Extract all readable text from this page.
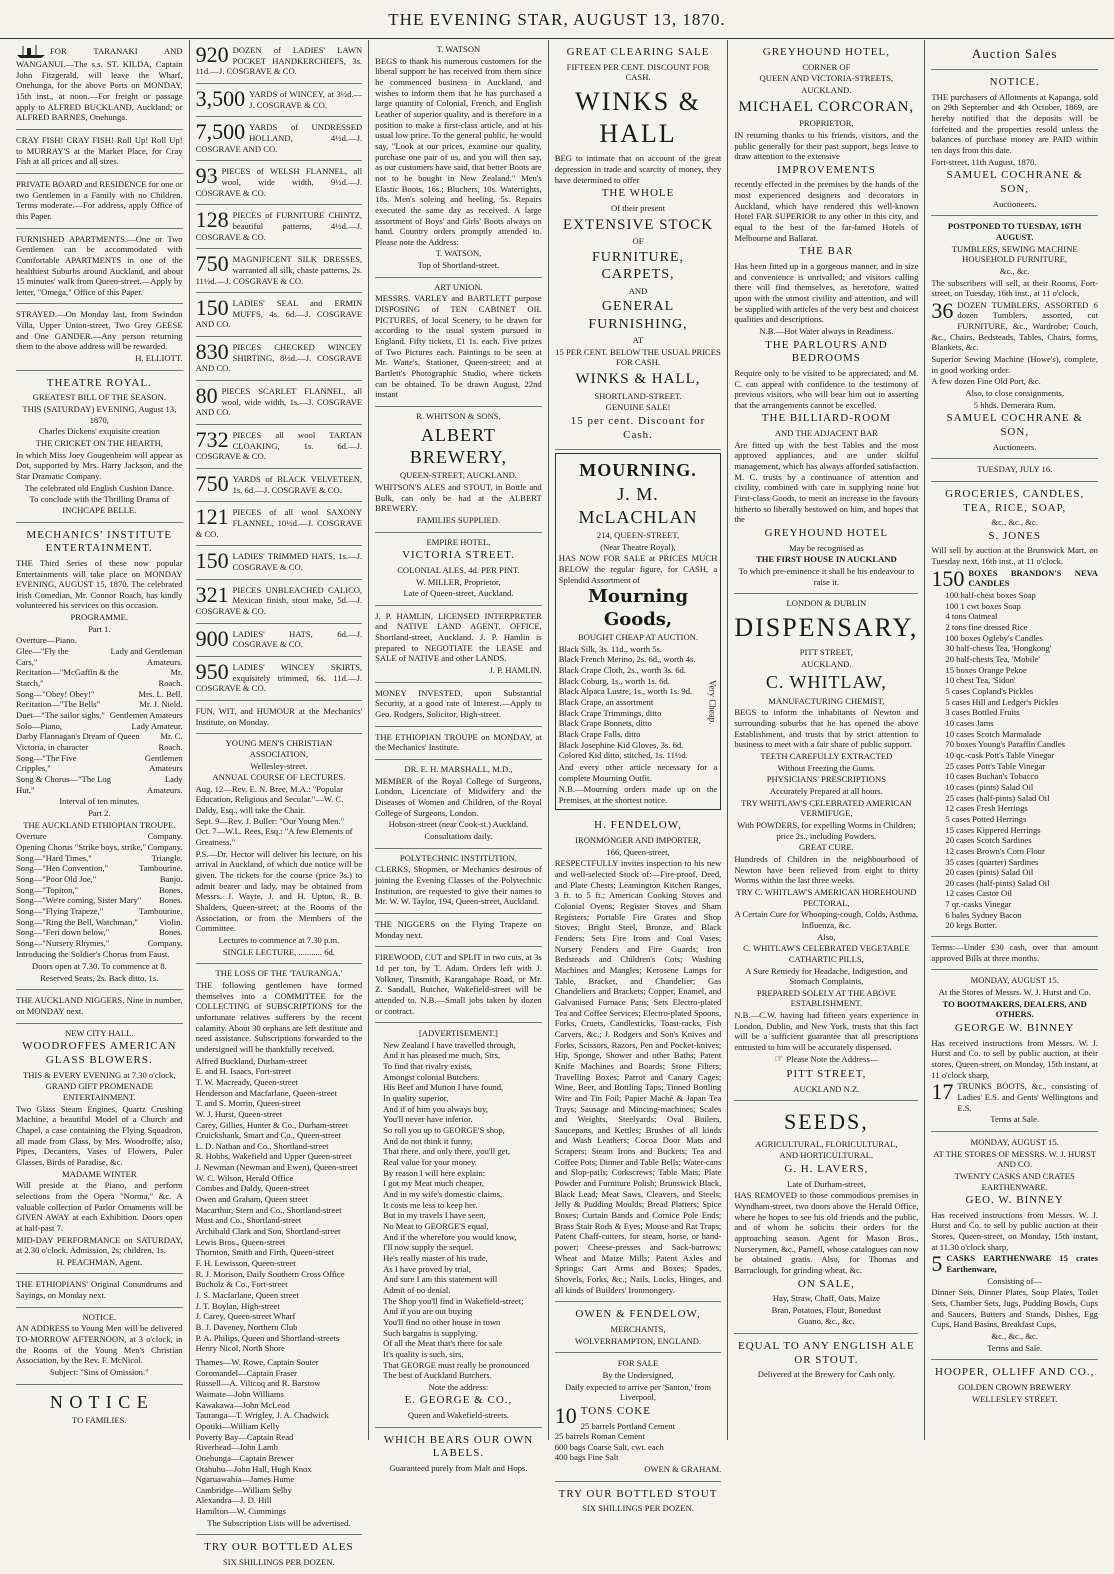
THE EVENING STAR, AUGUST 13, 1870.

FOR TARANAKI AND WANGANUI.—The s.s. ST. KILDA, Captain John Fitzgerald, will leave the Wharf, Onehunga, for the above Ports on MONDAY, 15th inst., at noon.—For freight or passage apply to ALFRED BUCKLAND, Auckland; or ALFRED BARNES, Onehunga.

CRAY FISH! CRAY FISH! Roll Up! Roll Up! to MURRAY'S at the Market Place, for Cray Fish at all prices and all sizes.

PRIVATE BOARD and RESIDENCE for one or two Gentlemen in a Family with no Children. Terms moderate.—For address, apply Office of this Paper.

FURNISHED APARTMENTS.—One or Two Gentlemen can be accommodated with Comfortable APARTMENTS in one of the healthiest Suburbs around Auckland, and about 15 minutes' walk from Queen-street.—Apply by letter, "Omega," Office of this Paper.

STRAYED.—On Monday last, from Swindon Villa, Upper Union-street, Two Grey GEESE and One GANDER.—Any person returning them to the above address will be rewarded.

H. ELLIOTT.

THEATRE ROYAL.
GREATEST BILL OF THE SEASON.

THIS (SATURDAY) EVENING, August 13, 1870,

Charles Dickens' exquisite creation

THE CRICKET ON THE HEARTH,

In which Miss Joey Gougenheim will appear as Dot, supported by Mrs. Harry Jackson, and the Star Dramatic Company.

The celebrated old English Cushion Dance.

To conclude with the Thrilling Drama of INCHCAPE BELLE.

MECHANICS' INSTITUTE ENTERTAINMENT.

THE Third Series of these now popular Entertainments will take place on MONDAY EVENING, AUGUST 15, 1870. The celebrated Irish Comedian, Mr. Connor Roach, has kindly volunteered his services on this occasion.

PROGRAMME.

Part 1.

Overture—Piano.
Glee—"Fly the Cars,"
Lady and Gentleman Amateurs.
Recitation—"McGaffin & the Starch,"
Mr. Roach.
Song—"Obey! Obey!"	Mrs. L. Bell.
Recitation—"The Bells"	Mr. J. Nield.
Duet—"The sailor sighs," Gentlemen Amateurs
Solo—Piano,	Lady Amateur.
Darby Flannagan's Dream of Queen Victoria, in character
Mr. C. Roach.
Song—"The Five Cripples,"
Gentlemen Amateurs
Song & Chorus—"The Log Hut,"
Lady Amateurs.

Interval of ten minutes.

Part 2.

THE AUCKLAND ETHIOPIAN TROUPE.

Overture	Company.
Opening Chorus "Strike boys, strike," Company.
Song—"Hard Times,"	Triangle.
Song—"Hen Convention,"	Tambourine.
Song—"Poor Old Joe,"	Banjo.
Song—"Topiton,"	Bones.
Song—"We're coming, Sister Mary" Bones.
Song—"Flying Trapeze,"	Tambourine.
Song—"Ring the Bell, Watchman," Violin.
Song—"Feri down below,"	Bones.
Song—"Nursery Rhymes,"	Company.

Introducing the Soldier's Chorus from Faust.

Doors open at 7.30. To commence at 8.

Reserved Seats, 2s. Back ditto, 1s.

THE AUCKLAND NIGGERS, Nine in number, on MONDAY next.

NEW CITY HALL.
WOODROFFES AMERICAN GLASS BLOWERS.

THIS & EVERY EVENING at 7.30 o'clock,

GRAND GIFT PROMENADE ENTERTAINMENT.

Two Glass Steam Engines, Quartz Crushing Machine, a beautiful Model of a Church and Chapel, a case containing the Flying Squadron, all made from Glass, by Mrs. Woodroffe; also, Pipes, Decanters, Vases of Flowers, Puler Glasses, Birds of Paradise, &c.

MADAME WINTER

Will preside at the Piano, and perform selections from the Opera "Norma," &c. A valuable collection of Parlor Ornaments will be GIVEN AWAY at each Exhibition. Doors open at half-past 7.

MID-DAY PERFORMANCE on SATURDAY, at 2.30 o'clock. Admission, 2s; children, 1s.

H. PEACHMAN, Agent.

THE ETHIOPIANS' Original Conundrums and Sayings, on Monday next.

NOTICE.

AN ADDRESS to Young Men will be delivered TO-MORROW AFTERNOON, at 3 o'clock, in the Rooms of the Young Men's Christian Association, by the Rev. F. McNicol.

Subject: "Sins of Omission."

N O T I C E

TO FAMILIES.

920 DOZEN of LADIES' LAWN POCKET HANDKERCHIEFS, 3s. 11d.—J. COSGRAVE & CO.

3,500 YARDS of WINCEY, at 3½d.—J. COSGRAVE & CO.

7,500 YARDS of UNDRESSED HOLLAND, 4½d.—J. COSGRAVE AND CO.

93 PIECES of WELSH FLANNEL, all wool, wide width, 9½d.—J. COSGRAVE & CO.

128 PIECES of FURNITURE CHINTZ, beautiful patterns, 4½d.—J. COSGRAVE & CO.

750 MAGNIFICENT SILK DRESSES, warranted all silk, chaste patterns, 2s. 11½d.—J. COSGRAVE & CO.

150 LADIES' SEAL and ERMIN MUFFS, 4s. 6d.—J. COSGRAVE AND CO.

830 PIECES CHECKED WINCEY SHIRTING, 8½d.—J. COSGRAVE AND CO.

80 PIECES SCARLET FLANNEL, all wool, wide width, 1s.—J. COSGRAVE AND CO.

732 PIECES all wool TARTAN CLOAKING, 1s. 6d.—J. COSGRAVE & CO.

750 YARDS of BLACK VELVETEEN, 1s. 6d.—J. COSGRAVE & CO.

121 PIECES of all wool SAXONY FLANNEL, 10½d.—J. COSGRAVE & CO.

150 LADIES' TRIMMED HATS, 1s.—J. COSGRAVE & CO.

321 PIECES UNBLEACHED CALICO, Mexican finish, stout make, 5d.—J. COSGRAVE & CO.

900 LADIES' HATS, 6d.—J. COSGRAVE & CO.

950 LADIES' WINCEY SKIRTS, exquisitely trimmed, 6s. 11d.—J. COSGRAVE & CO.

FUN, WIT, and HUMOUR at the Mechanics' Institute, on Monday.

YOUNG MEN'S CHRISTIAN ASSOCIATION,

Wellesley-street.

ANNUAL COURSE OF LECTURES.

Aug. 12—Rev. E. N. Bree, M.A.: "Popular Education, Religious and Secular."—W. C. Daldy, Esq., will take the Chair.
Sept. 9—Rev. J. Buller: "Our Young Men."
Oct. 7—W.L. Rees, Esq.: "A few Elements of Greatness."

P.S.—Dr. Hector will deliver his lecture, on his arrival in Auckland, of which due notice will be given. The tickets for the course (price 3s.) to admit bearer and lady, may be obtained from Messrs. J. Wayte, J. and H. Upton, R. B. Shalders, Queen-street; at the Rooms of the Association, or from the Members of the Committee.

Lectures to commence at 7.30 p.m.

SINGLE LECTURE, ........... 6d.

THE LOSS OF THE 'TAURANGA.'

THE following gentlemen have formed themselves into a COMMITTEE for the COLLECTING of SUBSCRIPTIONS for the unfortunate relatives sufferers by the recent calamity. About 30 orphans are left destitute and need assistance. Subscriptions forwarded to the undersigned will be thankfully received.

Alfred Buckland, Durham-street
E. and H. Isaacs, Fort-street
T. W. Macready, Queen-street
Henderson and Macfarlane, Queen-street
T. and S. Morrin, Queen-street
W. J. Hurst, Queen-street
Carey, Gillies, Hunter & Co., Durham-street
Cruickshank, Smart and Co., Queen-street
L. D. Nathan and Co., Shortland-street
R. Hobbs, Wakefield and Upper Queen-street
J. Newman (Newman and Ewen), Queen-street
W. C. Wilson, Herald Office
Combes and Daldy, Queen-street
Owen and Graham, Queen street
Macarthur, Stern and Co., Shortland-street
Must and Co., Shortland-street
Archibald Clark and Son, Shortland-street
Lewis Bros., Queen-street
Thornton, Smith and Firth, Queen-street
F. H. Lewisson, Queen-street
R. J. Morison, Daily Southern Cross Office
Bucholz & Co., Fort-street
J. S. Macfarlane, Queen street
J. T. Boylan, High-street
J. Carey, Queen-street Wharf
B. J. Daveney, Northern Club
P. A. Philips, Queen and Shortland-streets
Henry Nicol, North Shore
Thames—W. Rowe, Captain Souter
Coromandel—Captain Fraser
Russell—A. Vilicoq and R. Barstow
Waimate—John Williams
Kawakawa—John McLeod
Tauranga—T. Wrigley, J. A. Chadwick
Opotiki—William Kelly
Poverty Bay—Captain Read
Riverhead—John Lamb
Onehunga—Captain Brewer
Otahuhu—John Hall, Hugh Knox
Ngaruawahia—James Hume
Cambridge—William Selby
Alexandra—J. D. Hill
Hamilton—W. Cummings

The Subscription Lists will be advertised.

TRY OUR BOTTLED ALES

SIX SHILLINGS PER DOZEN.

T. WATSON

BEGS to thank his numerous customers for the liberal support he has received from them since he commenced business in Auckland, and wishes to inform them that he has purchased a large quantity of Colonial, French, and English Leather of superior quality, and is therefore in a position to make a first-class article, and at his usual low price. To the general public, he would say, "Look at our prices, examine our quality, purchase one pair of us, and you will then say, as our customers have said, that better Boots are not to be bought in New Zealand." Men's Elastic Boots, 16s.; Bluchers, 10s. Watertights, 18s. Men's soleing and heeling, 5s. Repairs executed the same day as received. A large assortment of Boys' and Girls' Boots always on hand. Country orders promptly attended to. Please note the Address:

T. WATSON,

Top of Shortland-street.

ART UNION.

MESSRS. VARLEY and BARTLETT purpose DISPOSING of TEN CABINET OIL PICTURES, of local Scenery, to be drawn for according to the usual system pursued in England. Fifty tickets, £1 1s. each. Five prizes of Two Pictures each. Paintings to be seen at Mr. Watte's, Stationer, Queen-street; and at Bartlett's Photographic Studio, where tickets can be obtained. To be drawn August, 22nd instant

R. WHITSON & SONS,
ALBERT BREWERY,

QUEEN-STREET, AUCKLAND.

WHITSON'S ALES and STOUT, in Bottle and Bulk, can only be had at the ALBERT BREWERY.

FAMILIES SUPPLIED.

EMPIRE HOTEL,
VICTORIA STREET.

COLONIAL ALES, 4d. PER PINT.

W. MILLER, Proprietor,

Late of Queen-street, Auckland.

J. P. HAMLIN, LICENSED INTERPRETER and NATIVE LAND AGENT, OFFICE, Shortland-street, Auckland. J. P. Hamlin is prepared to NEGOTIATE the LEASE and SALE of NATIVE and other LANDS.

J. P. HAMLIN.

MONEY INVESTED, upon Substantial Security, at a good rate of Interest.—Apply to Geo. Rodgers, Solicitor, High-street.

THE ETHIOPIAN TROUPE on MONDAY, at the Mechanics' Institute.

DR. E. H. MARSHALL, M.D.,

MEMBER of the Royal College of Surgeons, London, Licenciate of Midwifery and the Diseases of Women and Children, of the Royal College of Surgeons, London.

Hobson-street (near Cook-st.) Auckland.

Consultations daily.

POLYTECHNIC INSTITUTION.

CLERKS, Shopmen, or Mechanics desirous of joining the Evening Classes of the Polytechnic Institution, are requested to give their names to Mr. W. W. Taylor, 194, Queen-street, Auckland.

THE NIGGERS on the Flying Trapeze on Monday next.

FIREWOOD, CUT and SPLIT in two cuts, at 3s 1d per ton, by T. Adam. Orders left with J. Volkner, Tinsmith, Karangahape Road, or Mr. Z. Sandall, Butcher, Wakefield-street will be attended to. N.B.—Small jobs taken by dozen or contract.

[ADVERTISEMENT.]

New Zealand I have travelled through,
And it has pleased me much, Sirs,
To find that rivalry exists,
Amongst colonial Butchers.
His Beef and Mutton I have found,
In quality superior,
And if of him you always buy,
You'll never have inferior.
So roll you up to GEORGE'S shop,
And do not think it funny,
That there, and only there, you'll get,
Real value for your money.
By reason I will here explain:
I got my Meat much cheaper,
And in my wife's domestic claims,
It costs me less to keep her.
But in my travels I have seen,
No Meat to GEORGE'S equal,
And if the wherefore you would know,
I'll now supply the sequel.
He's really master of his trade,
As I have proved by trial,
And sure I am this statement will
Admit of no denial.
The Shop you'll find in Wakefield-street;
And if you are out buying
You'll find no other house in town
Such bargains is supplying.
Of all the Meat that's there for sale
It's quality is such, sirs,
That GEORGE must really be pronounced
The best of Auckland Butchers.

Note the address:

E. GEORGE & CO.,

Queen and Wakefield-streets.

WHICH BEARS OUR OWN LABELS.

Guaranteed purely from Malt and Hops.

GREAT CLEARING SALE

FIFTEEN PER CENT. DISCOUNT FOR CASH.

WINKS & HALL

BEG to intimate that on account of the great depression in trade and scarcity of money, they have determined to offer

THE WHOLE

Of their present

EXTENSIVE STOCK

OF

FURNITURE, CARPETS,

AND

GENERAL FURNISHING,

AT

15 PER CENT. BELOW THE USUAL PRICES FOR CASH.

WINKS & HALL,

SHORTLAND-STREET.

GENUINE SALE!

15 per cent. Discount for Cash.
MOURNING.
J. M. McLACHLAN

214, QUEEN-STREET,

(Near Theatre Royal),

HAS NOW FOR SALE at PRICES MUCH BELOW the regular figure, for CASH, a Splendid Assortment of

Mourning Goods,

BOUGHT CHEAP AT AUCTION.

Black Silk, 3s. 11d., worth 5s.
Black French Merino, 2s. 6d., worth 4s.
Black Crape Cloth, 2s., worth 3s. 6d.
Black Coburg, 1s., worth 1s. 6d.
Black Alpaca Lustre, 1s., worth 1s. 9d.
Black Crape, an assortment
Black Crape Trimmings, ditto
Black Crape Bonnets, ditto
Black Crape Falls, ditto
Black Josephine Kid Gloves, 3s. 6d.
Colored Kid ditto, stitched, 1s. 11½d.
Very Cheap.

And every other article necessary for a complete Mourning Outfit.

N.B.—Mourning orders made up on the Premises, at the shortest notice.

H. FENDELOW,

IRONMONGER AND IMPORTER,

166, Queen-street,

RESPECTFULLY invites inspection to his new and well-selected Stock of:—Fire-proof, Deed, and Plate Chests; Leamington Kitchen Ranges, 3 ft. to 5 ft.; American Cooking Stoves and Colonial Ovens; Register Stoves and Sham Registers; Portable Fire Grates and Shop Stoves; Bright Steel, Bronze, and Black Fenders; Sets Fire Irons and Coal Vases; Nursery Fenders and Fire Guards; Iron Bedsteads and Children's Cots; Washing Machines and Mangles; Kerosene Lamps for Table, Bracket, and Chandelier; Gas Chandeliers and Brackets; Copper, Enamel, and Galvanised Furnace Pans; Sets Electro-plated Tea and Coffee Services; Electro-plated Spoons, Forks, Cruets, Candlesticks, Toast-racks, Fish Carvers, &c.; J. Rodgers and Son's Knives and Forks, Scissors, Razors, Pen and Pocket-knives; Hip, Sponge, Shower and other Baths; Patent Knife Machines and Boards; Stone Filters; Travelling Boxes; Parrot and Canary Cages; Wine, Beer, and Bottling Taps; Tinned Bottling Wire and Tin Foil; Papier Maché & Japan Tea Trays; Sausage and Mincing-machines; Scales and Weights, Steelyards; Oval Boilers, Saucepans, and Kettles; Brushes of all kinds and Wash Leathers; Cocoa Door Mats and Scrapers; Steam Irons and Buckets; Tea and Coffee Pots; Dinner and Table Bells; Water-cans and Slop-pails; Corkscrews; Table Mats; Plate Powder and Furniture Polish; Brunswick Black, Black Lead; Meat Saws, Cleavers, and Steels; Jelly & Pudding Moulds; Bread Platters; Spice Boxes; Curtain Bands and Cornice Pole Ends; Brass Stair Rods & Eyes; Mouse and Rat Traps; Patent Chaff-cutters, for steam, horse, or hand-power; Cheese-presses and Sack-barrows; Wheat and Maize Mills; Patent Axles and Springs; Cart Arms and Boxes; Spades, Shovels, Forks, &c.; Nails, Locks, Hinges, and all kinds of Builders' Ironmongery.

OWEN & FENDELOW,

MERCHANTS,

WOLVERHAMPTON, ENGLAND.

FOR SALE

By the Undersigned,

Daily expected to arrive per 'Santon,' from Liverpool,

10 TONS COKE
25 barrels Portland Cement
25 barrels Roman Cement
600 bags Coarse Salt, cwt. each
400 bags Fine Salt

OWEN & GRAHAM.

TRY OUR BOTTLED STOUT

SIX SHILLINGS PER DOZEN.

GREYHOUND HOTEL,

CORNER OF

QUEEN AND VICTORIA-STREETS,

AUCKLAND.

MICHAEL CORCORAN,

PROPRIETOR,

IN returning thanks to his friends, visitors, and the public generally for their past support, begs leave to draw attention to the extensive

IMPROVEMENTS

recently effected in the premises by the hands of the most experienced designers and decorators in Auckland, which have rendered this well-known Hotel FAR SUPERIOR to any other in this city, and equal to the best of the far-famed Hotels of Melbourne and Ballarat.

THE BAR

Has been fitted up in a gorgeous manner, and in size and convenience is unrivalled; and visitors calling there will find themselves, as heretofore, waited upon with the utmost civility and attention, and will be supplied with articles of the very best and choicest qualities and descriptions.

N.B.—Hot Water always in Readiness.

THE PARLOURS AND BEDROOMS

Require only to be visited to be appreciated; and M. C. can appeal with confidence to the testimony of previous visitors, who will bear him out in asserting that the arrangements cannot be excelled.

THE BILLIARD-ROOM

AND THE ADJACENT BAR

Are fitted up with the best Tables and the most approved appliances, and are under skilful management, which has always afforded satisfaction. M. C. trusts by a continuance of attention and civility, combined with care in supplying none but First-class Goods, to merit an increase in the favours hitherto so liberally bestowed on him, and hopes that the

GREYHOUND HOTEL

May be recognised as

THE FIRST HOUSE IN AUCKLAND

To which pre-eminence it shall be his endeavour to raise it.

LONDON & DUBLIN
DISPENSARY,

PITT STREET,

AUCKLAND.

C. WHITLAW,

MANUFACTURING CHEMIST,

BEGS to inform the inhabitants of Newton and surrounding suburbs that he has opened the above Establishment, and trusts that by strict attention to business to meet with a fair share of public support.

TEETH CAREFULLY EXTRACTED

Without Freezing the Gums.

PHYSICIANS' PRESCRIPTIONS

Accurately Prepared at all hours.

TRY WHITLAW'S CELEBRATED AMERICAN VERMIFUGE,

With POWDERS, for expelling Worms in Children; price 2s., including Powders.

GREAT CURE.

Hundreds of Children in the neighbourhood of Newton have been relieved from eight to thirty Worms within the last three weeks.

TRY C. WHITLAW'S AMERICAN HOREHOUND PECTORAL,

A Certain Cure for Whooping-cough, Colds, Asthma, Influenza, &c.

Also,

C. WHITLAW'S CELEBRATED VEGETABLE CATHARTIC PILLS,

A Sure Remedy for Headache, Indigestion, and Stomach Complaints,

PREPARED SOLELY AT THE ABOVE ESTABLISHMENT.

N.B.—C.W. having had fifteen years experience in London, Dublin, and New York, trusts that this fact will be a sufficient guarantee that all prescriptions entrusted to him will be accurately dispensed.

☞ Please Note the Address—

PITT STREET,

AUCKLAND N.Z.

SEEDS,

AGRICULTURAL, FLORICULTURAL,

AND HORTICULTURAL.

G. H. LAVERS,

Late of Durham-street,

HAS REMOVED to those commodious premises in Wyndham-street, two doors above the Herald Office, where he hopes to see his old friends and the public, and of whom he solicits their orders for the approaching season. Agent for Mason Bros., Nurserymen, &c., Parnell, whose catalogues can now be obtained gratis. Also, for Thomas and Barraclough, for grinding wheat, &c.

ON SALE,

Hay, Straw, Chaff, Oats, Maize

Bran, Potatoes, Flour, Bonedust

Guano, &c., &c.

EQUAL TO ANY ENGLISH ALE OR STOUT.

Delivered at the Brewery for Cash only.

Auction Sales
NOTICE.

THE purchasers of Allotments at Kapanga, sold on 29th September and 4th October, 1869, are hereby notified that the deposits will be forfeited and the properties resold unless the balances of purchase money are PAID within ten days from this date.

Fort-street, 11th August, 1870.

SAMUEL COCHRANE & SON,

Auctioneers.

POSTPONED TO TUESDAY, 16TH AUGUST.

TUMBLERS, SEWING MACHINE HOUSEHOLD FURNITURE,

&c., &c.

The subscribers will sell, at their Rooms, Fort-street, on Tuesday, 16th inst., at 11 o'clock,

36 DOZEN TUMBLERS, ASSORTED 6 dozen Tumblers, assorted, cut FURNITURE, &c., Wardrobe; Couch, &c., Chairs, Bedsteads, Tables, Chairs, forms, Blankets, &c.

Superior Sewing Machine (Howe's), complete, in good working order.

A few dozen Fine Old Port, &c.

Also, to close consignments,

5 hhds. Demerara Rum.

SAMUEL COCHRANE & SON,

Auctioneers.

TUESDAY, JULY 16.

GROCERIES, CANDLES, TEA, RICE, SOAP,

&c., &c., &c.

S. JONES

Will sell by auction at the Brunswick Mart, on Tuesday next, 16th inst., at 11 o'clock.

150 BOXES BRANDON'S NEVA CANDLES

100 half-chest boxes Soap
100 1 cwt boxes Soap
4 tons Oatmeal
2 tons fine dressed Rice
100 boxes Ogleby's Candles
30 half-chests Tea, 'Hongkong'
20 half-chests Tea, 'Mobile'
15 boxes Orange Pekoe
10 chest Tea, 'Sidon'
5 cases Copland's Pickles
5 cases Hill and Ledger's Pickles
3 cases Bottled Fruits
10 cases Jams
10 cases Scotch Marmalade
70 boxes Young's Paraffin Candles
10 qr.-cask Pott's Table Vinegar
25 cases Pott's Table Vinegar
10 cases Buchan's Tobacco
10 cases (pints) Salad Oil
25 cases (half-pints) Salad Oil
12 cases Fresh Herrings
5 cases Potted Herrings
15 cases Kippered Herrings
20 cases Scotch Sardines
12 cases Brown's Corn Flour
35 cases (quarter) Sardines
20 cases (pints) Salad Oil
20 cases (half-pints) Salad Oil
12 cases Castor Oil
7 qr.-casks Vinegar
6 bales Sydney Bacon
20 kegs Butter.

Terms:—Under £30 cash, over that amount approved Bills at three months.

MONDAY, AUGUST 15.

At the Stores of Messrs. W. J. Hurst and Co.

TO BOOTMAKERS, DEALERS, AND OTHERS.

GEORGE W. BINNEY

Has received instructions from Messrs. W. J. Hurst and Co. to sell by public auction, at their stores, Queen-street, on Monday, 15th instant, at 11 o'clock sharp,

17 TRUNKS BOOTS, &c., consisting of Ladies' E.S. and Gents' Wellingtons and E.S.

Terms at Sale.

MONDAY, AUGUST 15.

AT THE STORES OF MESSRS. W. J. HURST AND CO.

TWENTY CASKS AND CRATES EARTHENWARE.

GEO. W. BINNEY

Has received instructions from Messrs. W. J. Hurst and Co. to sell by public auction at their Stores, Queen-street, on Monday, 15th instant, at 11.30 o'clock sharp,

5 CASKS EARTHENWARE 15 crates Earthenware,

Consisting of—

Dinner Sets, Dinner Plates, Soup Plates, Toilet Sets, Chamber Sets, Jugs, Pudding Bowls, Cups and Saucers, Butters and Stands, Dishes, Egg Cups, Hand Basins, Breakfast Cups,

&c., &c., &c.

Terms and Sale.

HOOPER, OLLIFF AND CO.,

GOLDEN CROWN BREWERY

WELLESLEY STREET.
